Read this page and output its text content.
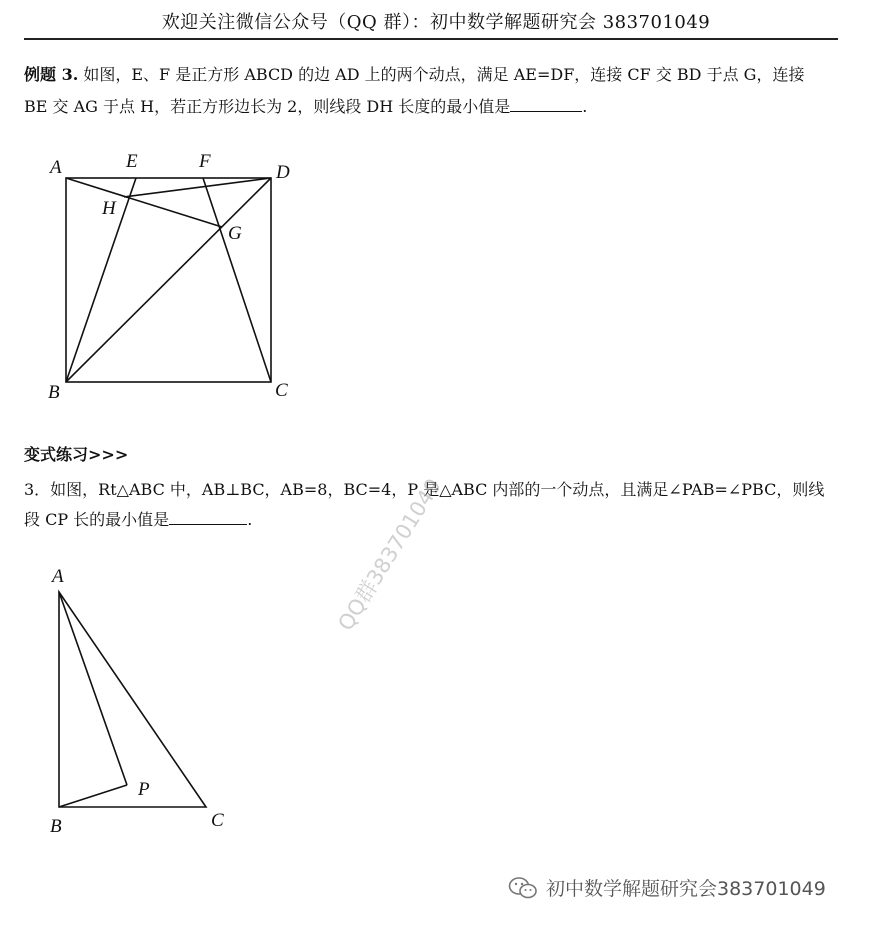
欢迎关注微信公众号（QQ 群）：初中数学解题研究会 383701049
例题 3. 如图，E、F 是正方形 ABCD 的边 AD 上的两个动点，满足 AE=DF，连接 CF 交 BD 于点 G，连接
BE 交 AG 于点 H，若正方形边长为 2，则线段 DH 长度的最小值是	.
A	E	F
D
H
G
B	C
变式练习>>>
3．如图，Rt△ABC 中，AB⊥BC，AB=8，BC=4，P 是△ABC 内部的一个动点，且满足∠PAB=∠PBC，则线
段 CP 长的最小值是	.
A
B	C
P
QQ群383701049
初中数学解题研究会383701049
